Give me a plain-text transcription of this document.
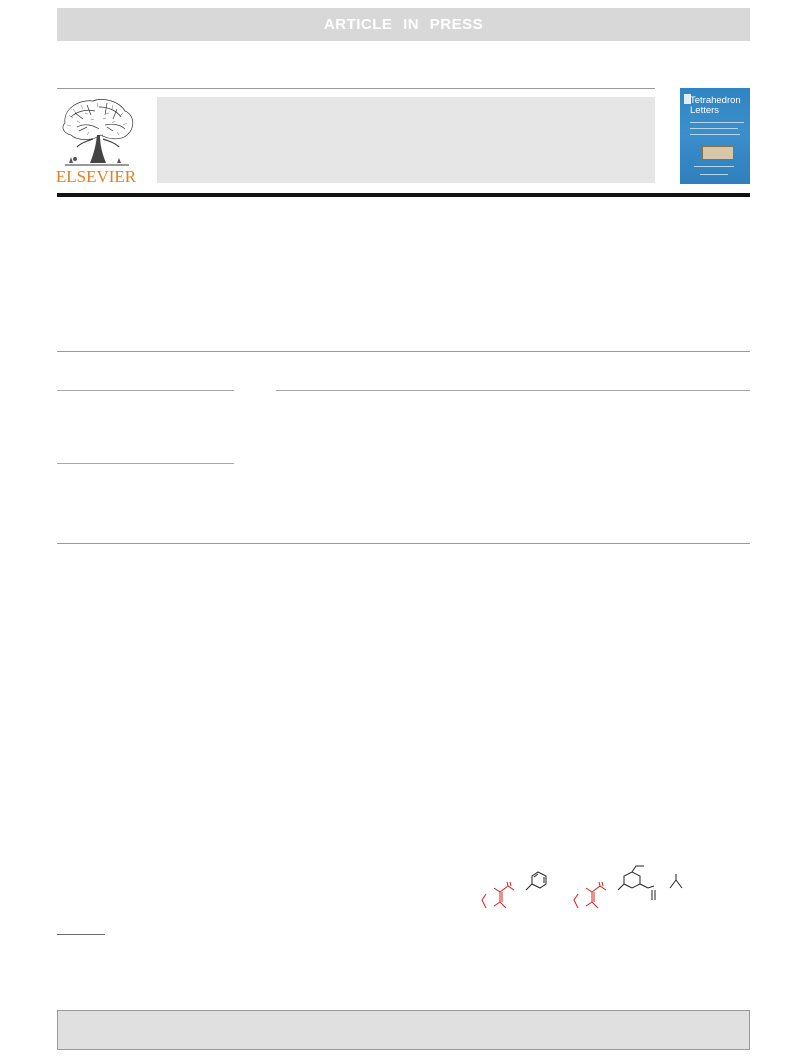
ARTICLE IN PRESS
ELSEVIER
Tetrahedron Letters
